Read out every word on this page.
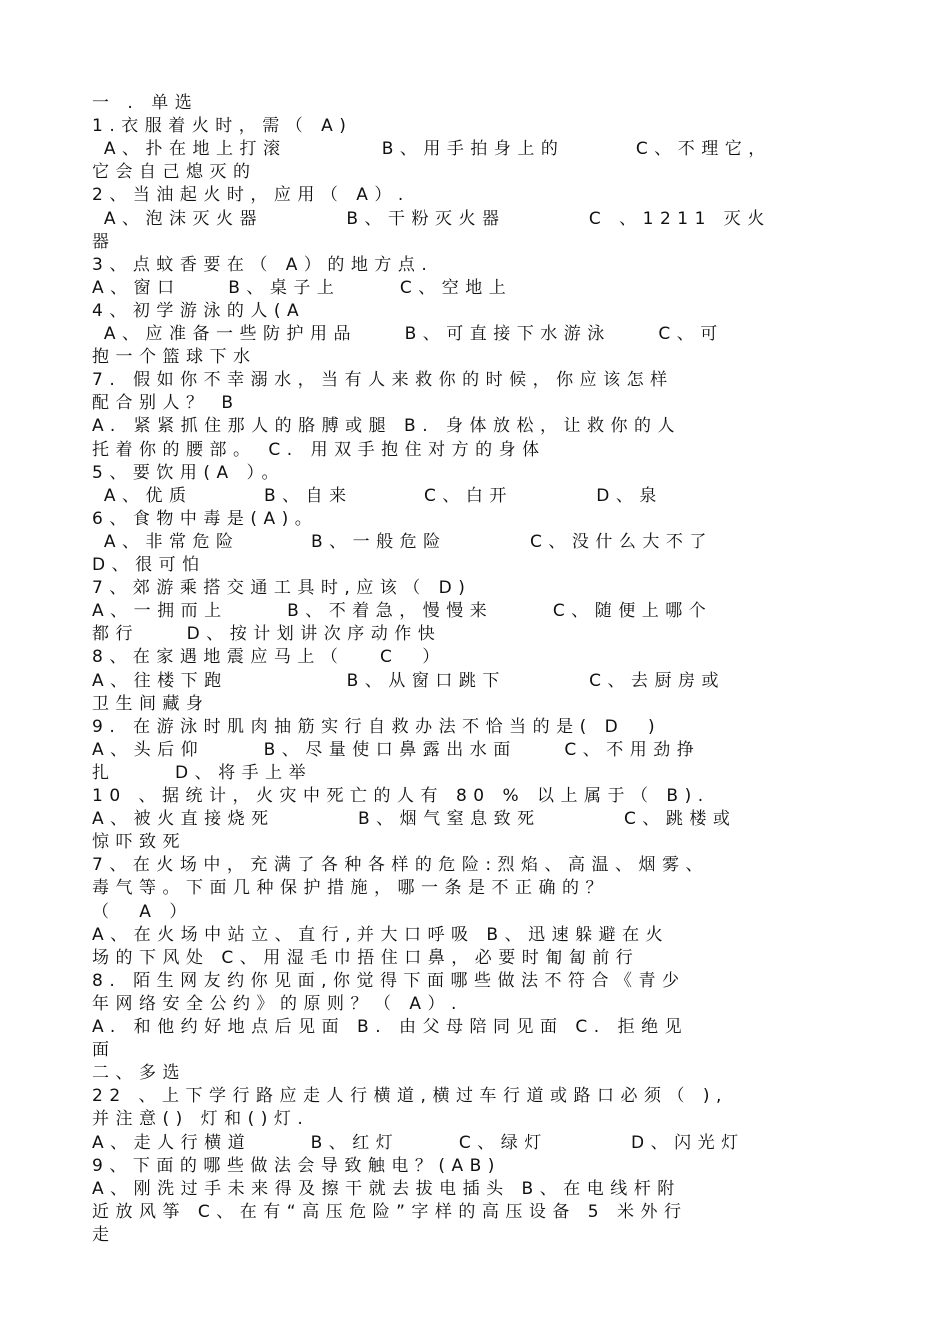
一 . 单选
1.衣服着火时，需（ A)
A、扑在地上打滚        B、用手拍身上的      C、不理它，
它会自己熄灭的
2、当油起火时，应用（ A）.
A、泡沫灭火器       B、干粉灭火器       C 、1211 灭火
器
3、点蚊香要在（ A）的地方点.
A、窗口    B、桌子上     C、空地上
4、初学游泳的人(A
A、应准备一些防护用品    B、可直接下水游泳    C、可
抱一个篮球下水
7. 假如你不幸溺水，当有人来救你的时候，你应该怎样
配合别人？ B
A. 紧紧抓住那人的胳膊或腿 B. 身体放松，让救你的人
托着你的腰部。 C. 用双手抱住对方的身体
5、要饮用(A ）。
A、优质      B、自来      C、白开       D、泉
6、食物中毒是(A)。
A、非常危险      B、一般危险       C、没什么大不了
D、很可怕
7、郊游乘搭交通工具时,应该（ D)
A、一拥而上     B、不着急，慢慢来     C、随便上哪个
都行    D、按计划讲次序动作快
8、在家遇地震应马上（   C  ）
A、往楼下跑          B、从窗口跳下       C、去厨房或
卫生间藏身
9. 在游泳时肌肉抽筋实行自救办法不恰当的是( D  )
A、头后仰     B、尽量使口鼻露出水面    C、不用劲挣
扎     D、将手上举
10 、据统计，火灾中死亡的人有 80 % 以上属于（ B).
A、被火直接烧死       B、烟气窒息致死       C、跳楼或
惊吓致死
7、在火场中，充满了各种各样的危险:烈焰、高温、烟雾、
毒气等。下面几种保护措施，哪一条是不正确的？
（  A ）
A、在火场中站立、直行,并大口呼吸 B、迅速躲避在火
场的下风处 C、用湿毛巾捂住口鼻，必要时匍匐前行
8. 陌生网友约你见面,你觉得下面哪些做法不符合《青少
年网络安全公约》的原则？（ A）.
A. 和他约好地点后见面 B. 由父母陪同见面 C. 拒绝见
面
二、多选
22 、上下学行路应走人行横道,横过车行道或路口必须（ ),
并注意() 灯和()灯.
A、走人行横道     B、红灯     C、绿灯       D、闪光灯
9、下面的哪些做法会导致触电？(AB)
A、刚洗过手未来得及擦干就去拔电插头 B、在电线杆附
近放风筝 C、在有“高压危险”字样的高压设备 5 米外行
走
